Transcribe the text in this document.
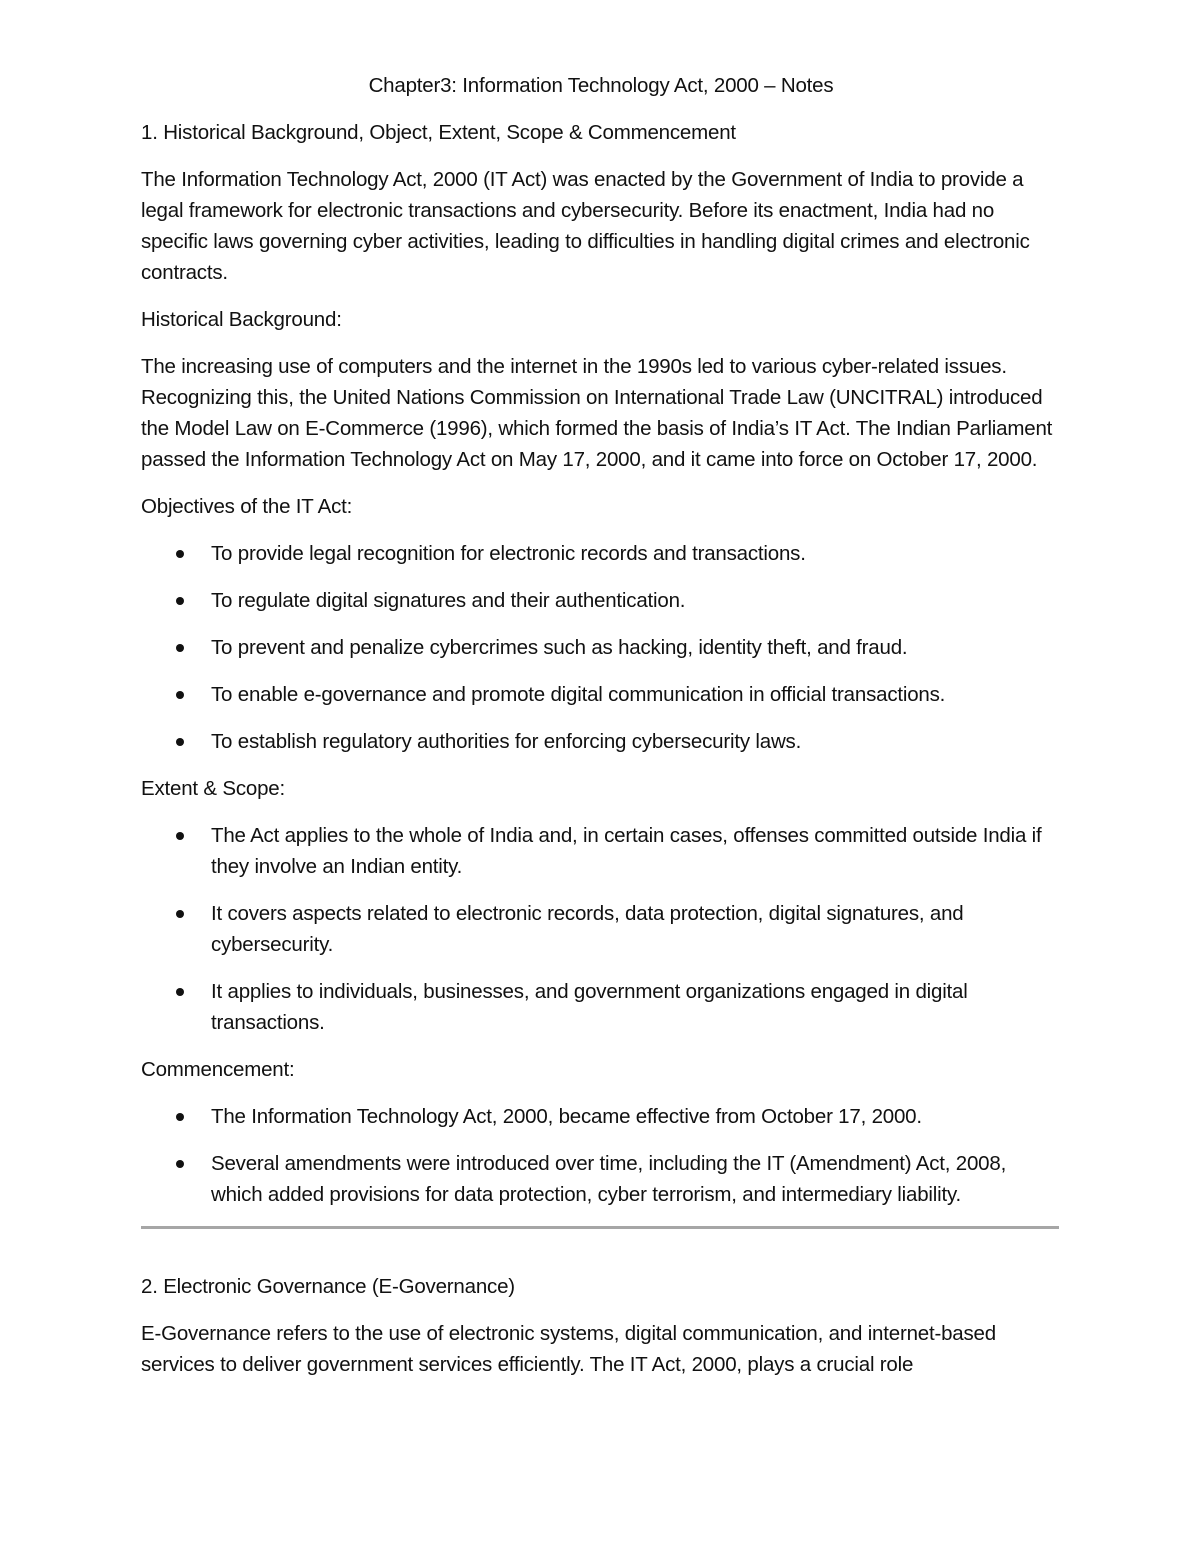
Chapter3: Information Technology Act, 2000 – Notes
1. Historical Background, Object, Extent, Scope & Commencement

The Information Technology Act, 2000 (IT Act) was enacted by the Government of India to provide a legal framework for electronic transactions and cybersecurity. Before its enactment, India had no specific laws governing cyber activities, leading to difficulties in handling digital crimes and electronic contracts.

Historical Background:

The increasing use of computers and the internet in the 1990s led to various cyber-related issues. Recognizing this, the United Nations Commission on International Trade Law (UNCITRAL) introduced the Model Law on E-Commerce (1996), which formed the basis of India’s IT Act. The Indian Parliament passed the Information Technology Act on May 17, 2000, and it came into force on October 17, 2000.

Objectives of the IT Act:

To provide legal recognition for electronic records and transactions.
To regulate digital signatures and their authentication.
To prevent and penalize cybercrimes such as hacking, identity theft, and fraud.
To enable e-governance and promote digital communication in official transactions.
To establish regulatory authorities for enforcing cybersecurity laws.

Extent & Scope:

The Act applies to the whole of India and, in certain cases, offenses committed outside India if they involve an Indian entity.
It covers aspects related to electronic records, data protection, digital signatures, and cybersecurity.
It applies to individuals, businesses, and government organizations engaged in digital transactions.

Commencement:

The Information Technology Act, 2000, became effective from October 17, 2000.
Several amendments were introduced over time, including the IT (Amendment) Act, 2008, which added provisions for data protection, cyber terrorism, and intermediary liability.
2. Electronic Governance (E-Governance)

E-Governance refers to the use of electronic systems, digital communication, and internet-based services to deliver government services efficiently. The IT Act, 2000, plays a crucial role
